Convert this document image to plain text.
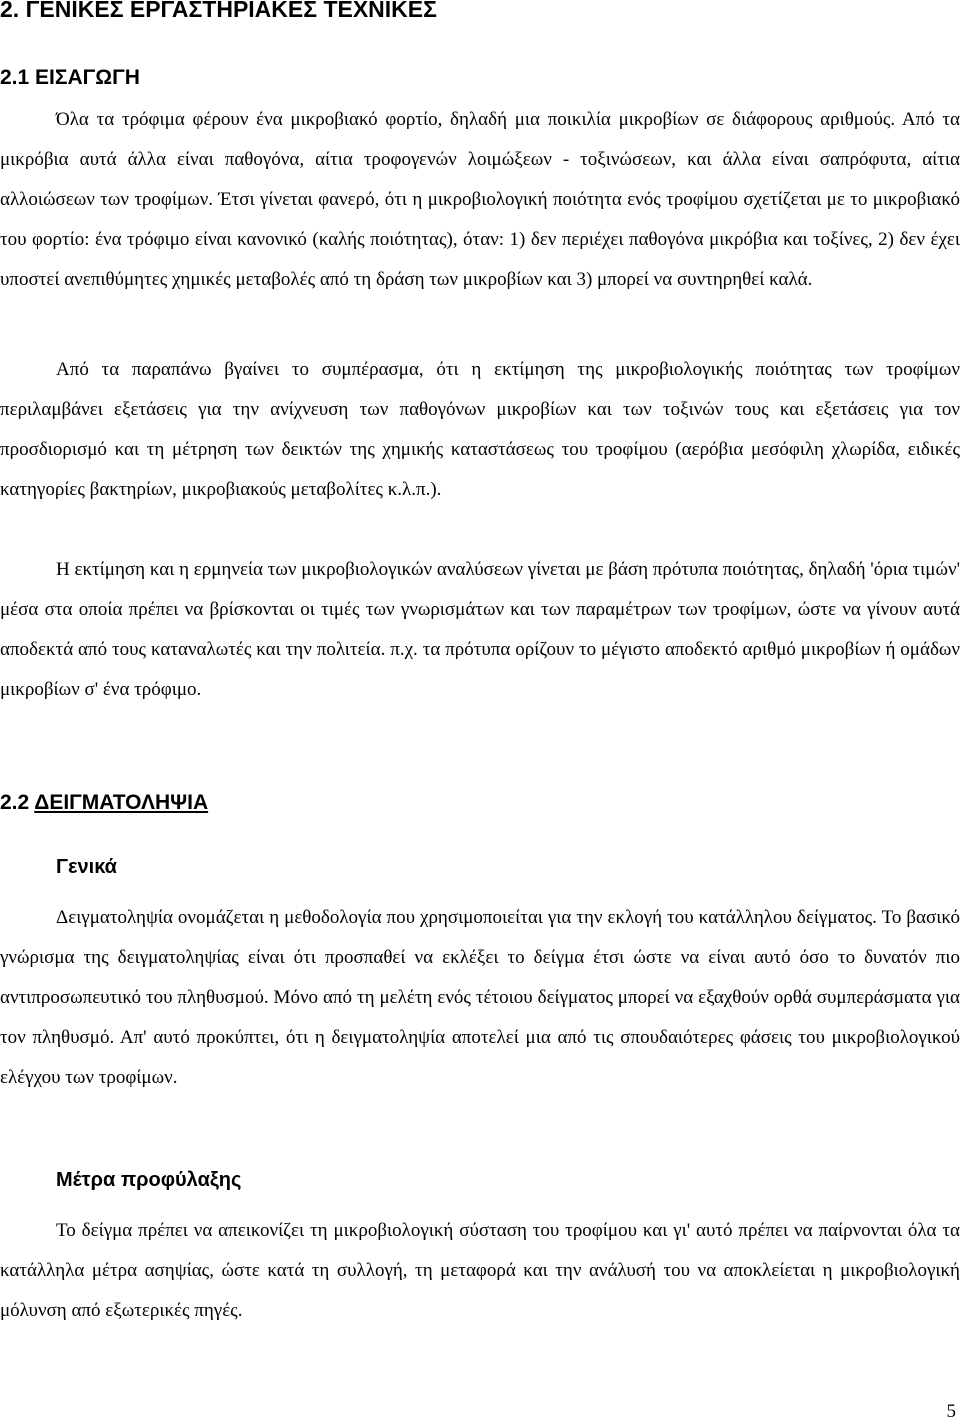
2. ΓΕΝΙΚΕΣ ΕΡΓΑΣΤΗΡΙΑΚΕΣ ΤΕΧΝΙΚΕΣ
2.1 ΕΙΣΑΓΩΓΗ

Όλα τα τρόφιμα φέρουν ένα μικροβιακό φορτίο, δηλαδή μια ποικιλία μικροβίων σε διάφορους αριθμούς. Από τα μικρόβια αυτά άλλα είναι παθογόνα, αίτια τροφογενών λοιμώξεων - τοξινώσεων, και άλλα είναι σαπρόφυτα, αίτια αλλοιώσεων των τροφίμων. Έτσι γίνεται φανερό, ότι η μικροβιολογική ποιότητα ενός τροφίμου σχετίζεται με το μικροβιακό του φορτίο: ένα τρόφιμο είναι κανονικό (καλής ποιότητας), όταν: 1) δεν περιέχει παθογόνα μικρόβια και τοξίνες, 2) δεν έχει υποστεί ανεπιθύμητες χημικές μεταβολές από τη δράση των μικροβίων και 3) μπορεί να συντηρηθεί καλά.

Από τα παραπάνω βγαίνει το συμπέρασμα, ότι η εκτίμηση της μικροβιολογικής ποιότητας των τροφίμων περιλαμβάνει εξετάσεις για την ανίχνευση των παθογόνων μικροβίων και των τοξινών τους και εξετάσεις για τον προσδιορισμό και τη μέτρηση των δεικτών της χημικής καταστάσεως του τροφίμου (αερόβια μεσόφιλη χλωρίδα, ειδικές κατηγορίες βακτηρίων, μικροβιακούς μεταβολίτες κ.λ.π.).

Η εκτίμηση και η ερμηνεία των μικροβιολογικών αναλύσεων γίνεται με βάση πρότυπα ποιότητας, δηλαδή 'όρια τιμών' μέσα στα οποία πρέπει να βρίσκονται οι τιμές των γνωρισμάτων και των παραμέτρων των τροφίμων, ώστε να γίνουν αυτά αποδεκτά από τους καταναλωτές και την πολιτεία. π.χ. τα πρότυπα ορίζουν το μέγιστο αποδεκτό αριθμό μικροβίων ή ομάδων μικροβίων σ' ένα τρόφιμο.

2.2 ΔΕΙΓΜΑΤΟΛΗΨΙΑ
Γενικά

Δειγματοληψία ονομάζεται η μεθοδολογία που χρησιμοποιείται για την εκλογή του κατάλληλου δείγματος. Το βασικό γνώρισμα της δειγματοληψίας είναι ότι προσπαθεί να εκλέξει το δείγμα έτσι ώστε να είναι αυτό όσο το δυνατόν πιο αντιπροσωπευτικό του πληθυσμού. Μόνο από τη μελέτη ενός τέτοιου δείγματος μπορεί να εξαχθούν ορθά συμπεράσματα για τον πληθυσμό. Απ' αυτό προκύπτει, ότι η δειγματοληψία αποτελεί μια από τις σπουδαιότερες φάσεις του μικροβιολογικού ελέγχου των τροφίμων.

Μέτρα προφύλαξης

Το δείγμα πρέπει να απεικονίζει τη μικροβιολογική σύσταση του τροφίμου και γι' αυτό πρέπει να παίρνονται όλα τα κατάλληλα μέτρα ασηψίας, ώστε κατά τη συλλογή, τη μεταφορά και την ανάλυσή του να αποκλείεται η μικροβιολογική μόλυνση από εξωτερικές πηγές.

5
